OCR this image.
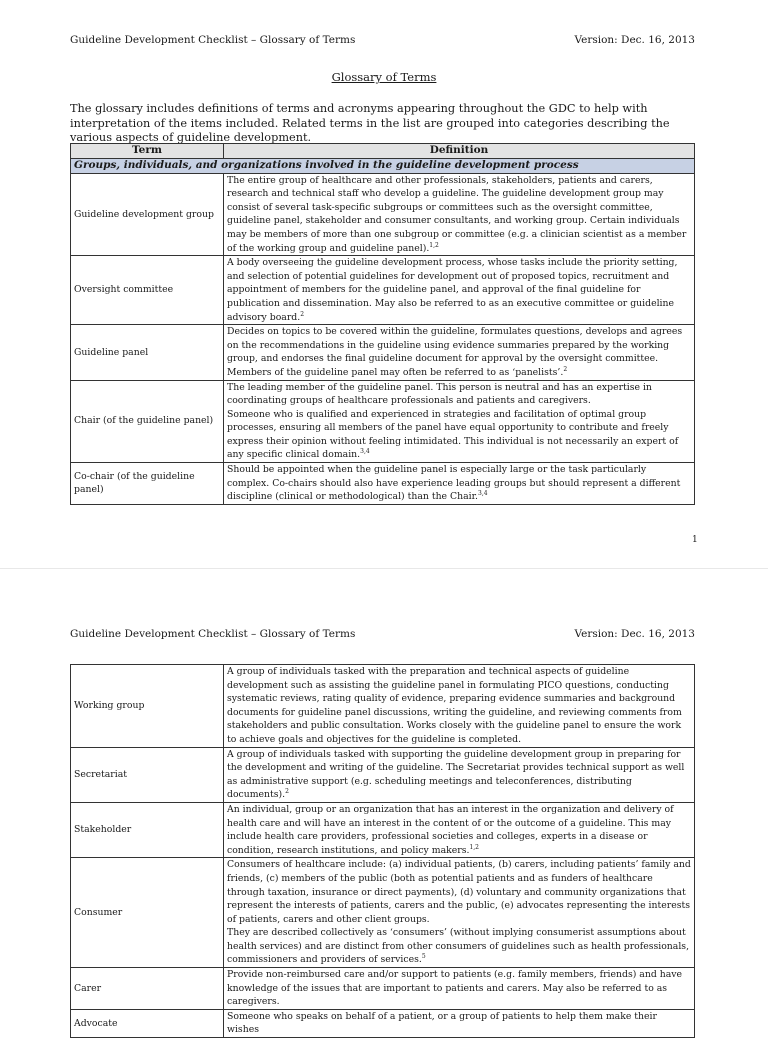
Guideline Development Checklist – Glossary of Terms	Version: Dec. 16, 2013
Glossary of Terms
The glossary includes definitions of terms and acronyms appearing throughout the GDC to help with interpretation of the items included. Related terms in the list are grouped into categories describing the various aspects of guideline development.
Term	Definition
Groups, individuals, and organizations involved in the guideline development process	
Guideline development group	The entire group of healthcare and other professionals, stakeholders, patients and carers, research and technical staff who develop a guideline. The guideline development group may consist of several task-specific subgroups or committees such as the oversight committee, guideline panel, stakeholder and consumer consultants, and working group. Certain individuals may be members of more than one subgroup or committee (e.g. a clinician scientist as a member of the working group and guideline panel).$^{1,2}$
Oversight committee	A body overseeing the guideline development process, whose tasks include the priority setting, and selection of potential guidelines for development out of proposed topics, recruitment and appointment of members for the guideline panel, and approval of the final guideline for publication and dissemination. May also be referred to as an executive committee or guideline advisory board.$^2$
Guideline panel	Decides on topics to be covered within the guideline, formulates questions, develops and agrees on the recommendations in the guideline using evidence summaries prepared by the working group, and endorses the final guideline document for approval by the oversight committee. Members of the guideline panel may often be referred to as ‘panelists’.$^2$
Chair (of the guideline panel)	The leading member of the guideline panel. This person is neutral and has an expertise in coordinating groups of healthcare professionals and patients and caregivers.
Someone who is qualified and experienced in strategies and facilitation of optimal group processes, ensuring all members of the panel have equal opportunity to contribute and freely express their opinion without feeling intimidated. This individual is not necessarily an expert of any specific clinical domain.$^{3,4}$
Co-chair (of the guideline panel)	Should be appointed when the guideline panel is especially large or the task particularly complex. Co-chairs should also have experience leading groups but should represent a different discipline (clinical or methodological) than the Chair.$^{3,4}$
1
Guideline Development Checklist – Glossary of Terms	Version: Dec. 16, 2013
Working group	A group of individuals tasked with the preparation and technical aspects of guideline development such as assisting the guideline panel in formulating PICO questions, conducting systematic reviews, rating quality of evidence, preparing evidence summaries and background documents for guideline panel discussions, writing the guideline, and reviewing comments from stakeholders and public consultation. Works closely with the guideline panel to ensure the work to achieve goals and objectives for the guideline is completed.
Secretariat	A group of individuals tasked with supporting the guideline development group in preparing for the development and writing of the guideline. The Secretariat provides technical support as well as administrative support (e.g. scheduling meetings and teleconferences, distributing documents).$^2$
Stakeholder	An individual, group or an organization that has an interest in the organization and delivery of health care and will have an interest in the content of or the outcome of a guideline. This may include health care providers, professional societies and colleges, experts in a disease or condition, research institutions, and policy makers.$^{1,2}$
Consumer	Consumers of healthcare include: (a) individual patients, (b) carers, including patients’ family and friends, (c) members of the public (both as potential patients and as funders of healthcare through taxation, insurance or direct payments), (d) voluntary and community organizations that represent the interests of patients, carers and the public, (e) advocates representing the interests of patients, carers and other client groups.
They are described collectively as ‘consumers’ (without implying consumerist assumptions about health services) and are distinct from other consumers of guidelines such as health professionals, commissioners and providers of services.$^5$
Carer	Provide non-reimbursed care and/or support to patients (e.g. family members, friends) and have knowledge of the issues that are important to patients and carers. May also be referred to as caregivers.
Advocate	Someone who speaks on behalf of a patient, or a group of patients to help them make their wishes
